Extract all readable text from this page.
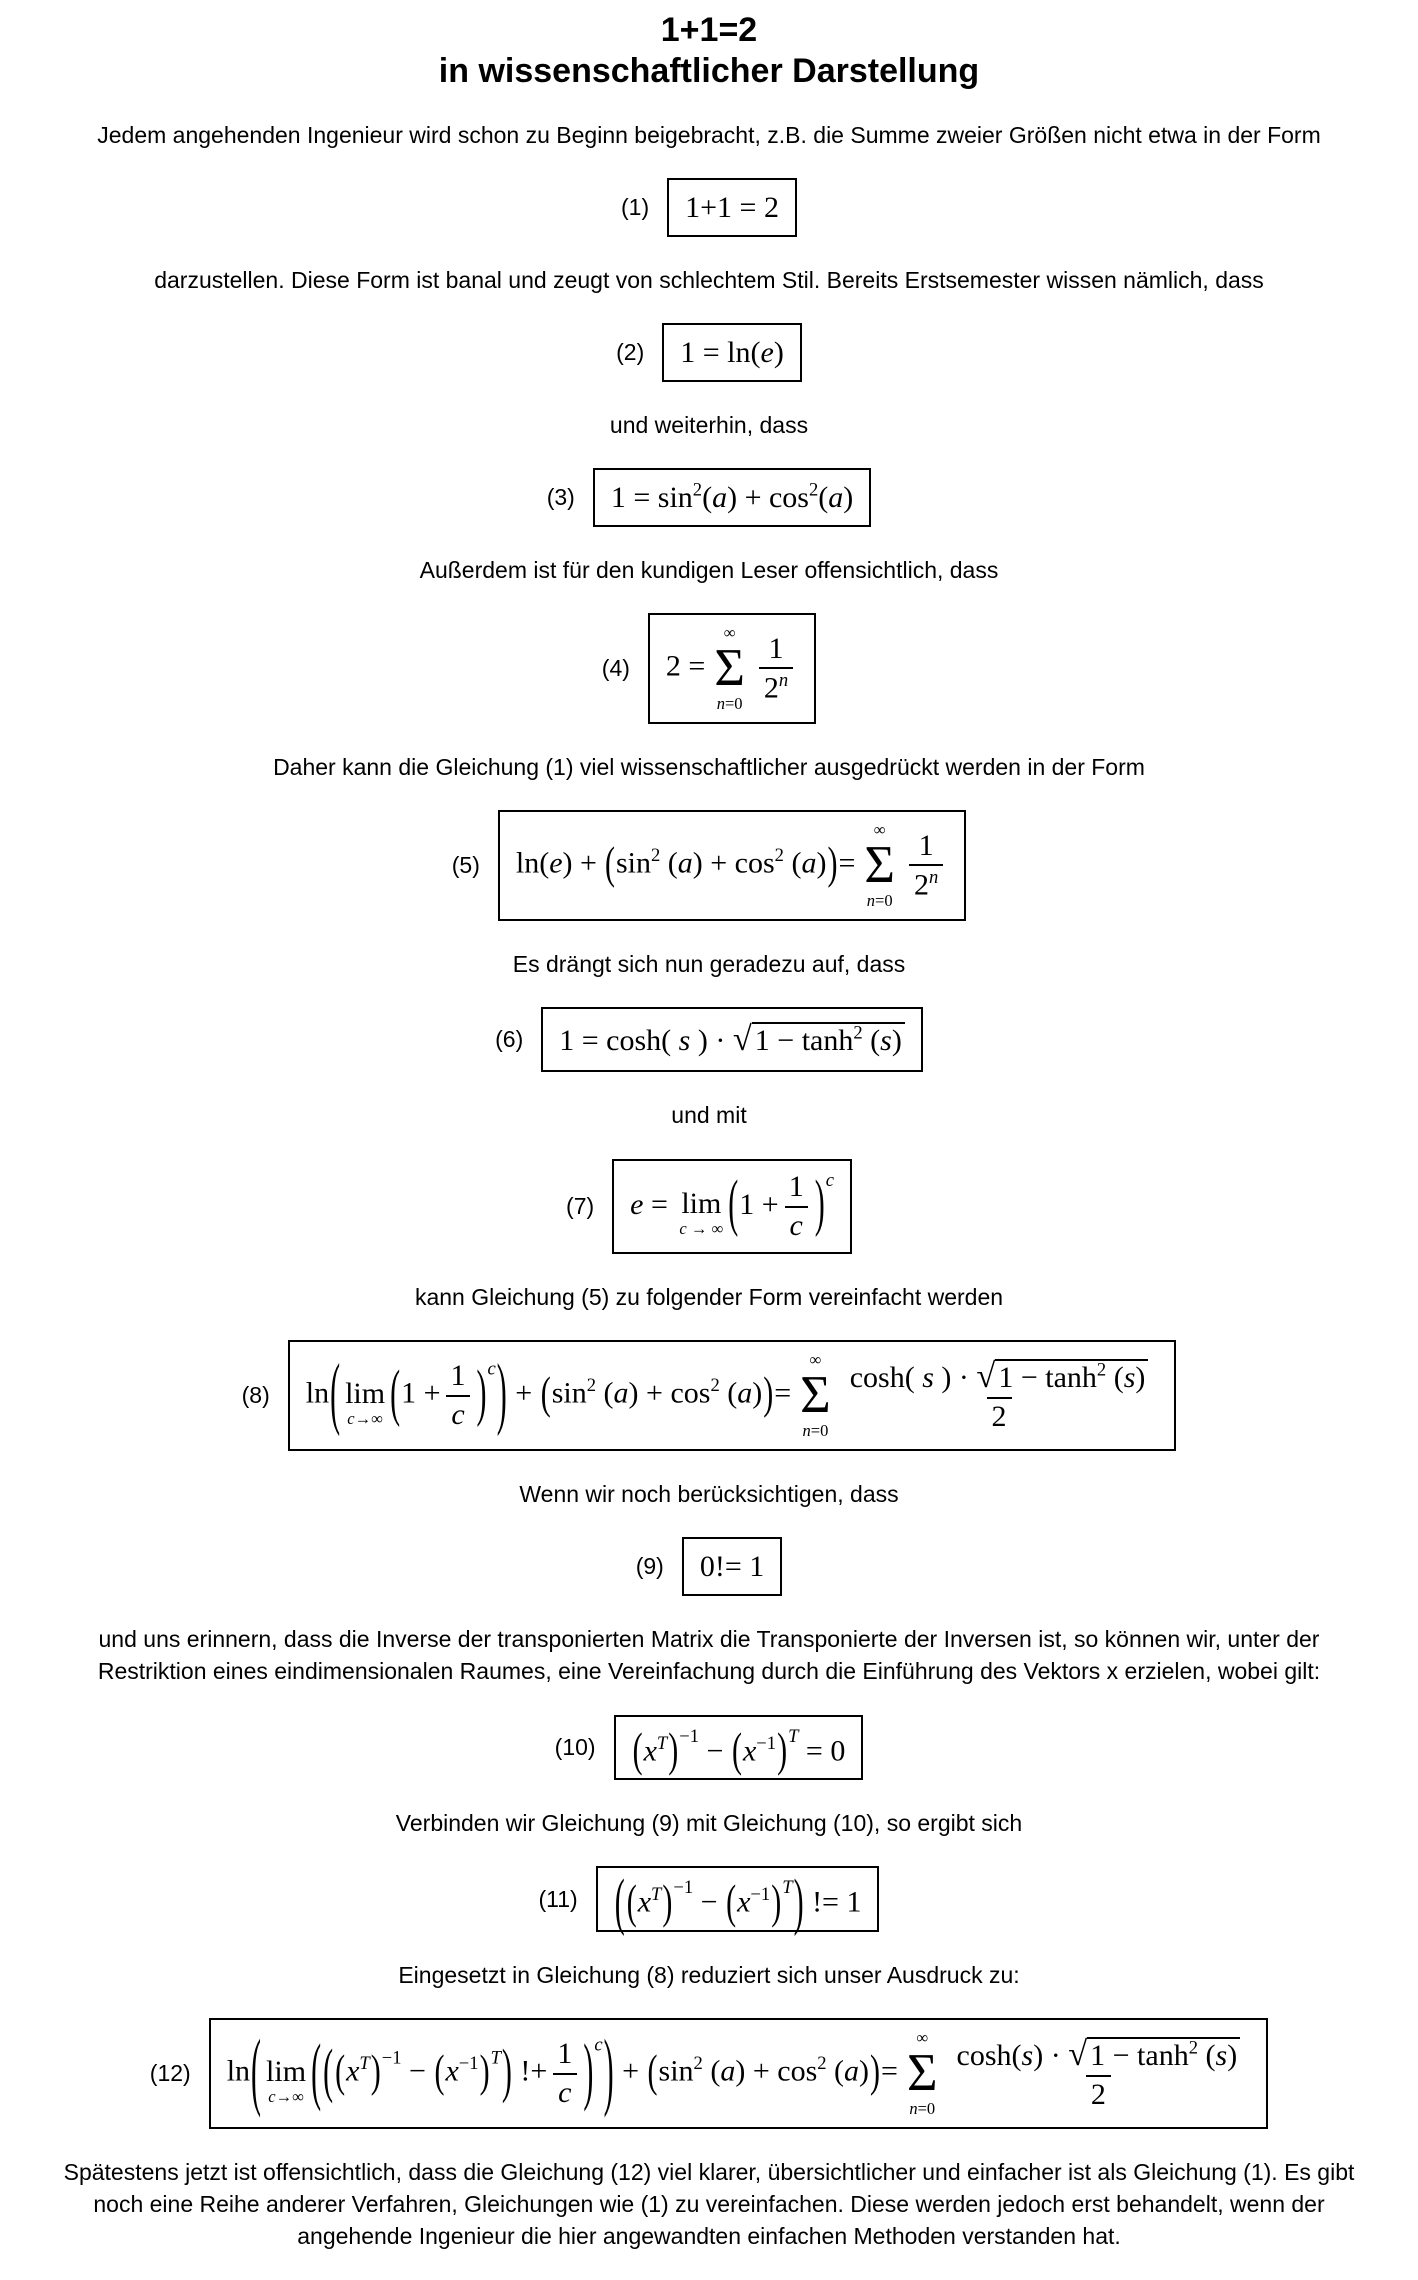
1+1=2
in wissenschaftlicher Darstellung

Jedem angehenden Ingenieur wird schon zu Beginn beigebracht, z.B. die Summe zweier Größen nicht etwa in der Form

(1)	1+1 = 2

darzustellen. Diese Form ist banal und zeugt von schlechtem Stil. Bereits Erstsemester wissen nämlich, dass

(2)	1 = ln(e)

und weiterhin, dass

(3)	$1 = \sin^2(a) + \cos^2(a)$

Außerdem ist für den kundigen Leser offensichtlich, dass

(4)	2 =
∞
Σ
$n=0 \frac{1}{2^n}$

Daher kann die Gleichung (1) viel wissenschaftlicher ausgedrückt werden in der Form

(5)	$\ln(e) + (\sin^2$ $(a) + \cos^2 (a))=$
∞
Σ
$n=0 \frac{1}{2^n}$

Es drängt sich nun geradezu auf, dass

(6)	1 = cosh( s ) · √ $1 - \tanh^2 (s)$

und mit

(7)	e = lim
c → ∞ $(1 + \frac{1}{c} )^c$

kann Gleichung (5) zu folgender Form vereinfacht werden

(8)	ln( lim
c→∞ $(1 + \frac{1}{c} )^c) + (\sin^2$ $(a) + \cos^2 (a))=$
∞
Σ
$n=0 \frac{\cosh( s ) \cdot √ 1 - \tanh^2 (s)}{2}$

Wenn wir noch berücksichtigen, dass

(9)	0!= 1

und uns erinnern, dass die Inverse der transponierten Matrix die Transponierte der Inversen ist, so können wir, unter der Restriktion eines eindimensionalen Raumes, eine Vereinfachung durch die Einführung des Vektors x erzielen, wobei gilt:

(10)	$(x^T)^{-1} - (x^{-1})^T = 0$

Verbinden wir Gleichung (9) mit Gleichung (10), so ergibt sich

(11)	$((x^T)^{-1} - (x^{-1})^T)$ != 1

Eingesetzt in Gleichung (8) reduziert sich unser Ausdruck zu:

(12)	ln( lim
c→∞ ($((x^T)^{-1} - (x^{-1})^T)$ !+ $\frac{1}{c} )^c) + (\sin^2$ $(a) + \cos^2 (a))=$
∞
Σ
$n=0 \frac{\cosh(s) \cdot √ 1 - \tanh^2 (s)}{2}$

Spätestens jetzt ist offensichtlich, dass die Gleichung (12) viel klarer, übersichtlicher und einfacher ist als Gleichung (1). Es gibt noch eine Reihe anderer Verfahren, Gleichungen wie (1) zu vereinfachen. Diese werden jedoch erst behandelt, wenn der angehende Ingenieur die hier angewandten einfachen Methoden verstanden hat.
